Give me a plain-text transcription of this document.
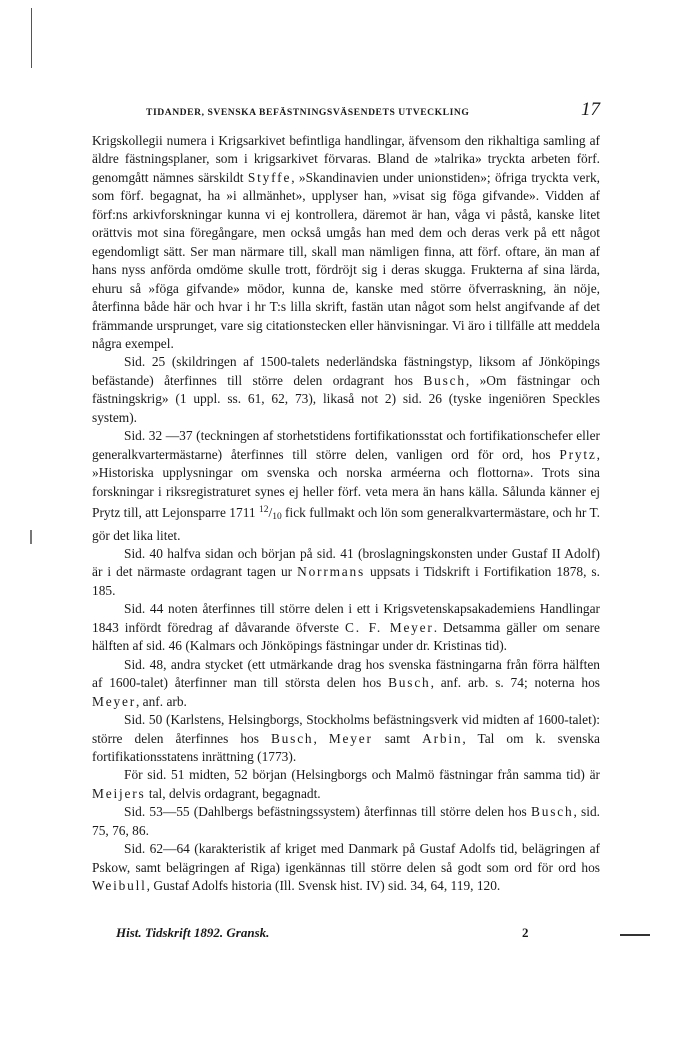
TIDANDER, SVENSKA BEFÄSTNINGSVÄSENDETS UTVECKLING	17

Krigskollegii numera i Krigsarkivet befintliga handlingar, äfvensom den rikhaltiga samling af äldre fästningsplaner, som i krigsarkivet förvaras. Bland de »talrika» tryckta arbeten förf. genomgått nämnes särskildt Styffe, »Skandinavien under unionstiden»; öfriga tryckta verk, som förf. begagnat, ha »i allmänhet», upplyser han, »visat sig föga gifvande». Vidden af förf:ns arkivforskningar kunna vi ej kontrollera, däremot är han, våga vi påstå, kanske litet orättvis mot sina föregångare, men också umgås han med dem och deras verk på ett något egendomligt sätt. Ser man närmare till, skall man nämligen finna, att förf. oftare, än man af hans nyss anförda omdöme skulle trott, fördröjt sig i deras skugga. Frukterna af sina lärda, ehuru så »föga gifvande» mödor, kunna de, kanske med större öfverraskning, än nöje, återfinna både här och hvar i hr T:s lilla skrift, fastän utan något som helst angifvande af det främmande ursprunget, vare sig citationstecken eller hänvisningar. Vi äro i tillfälle att meddela några exempel.

Sid. 25 (skildringen af 1500-talets nederländska fästningstyp, liksom af Jönköpings befästande) återfinnes till större delen ordagrant hos Busch, »Om fästningar och fästningskrig» (1 uppl. ss. 61, 62, 73), likaså not 2) sid. 26 (tyske ingeniören Speckles system).

Sid. 32 —37 (teckningen af storhetstidens fortifikationsstat och fortifikationschefer eller generalkvartermästarne) återfinnes till större delen, vanligen ord för ord, hos Prytz, »Historiska upplysningar om svenska och norska arméerna och flottorna». Trots sina forskningar i riksregistraturet synes ej heller förf. veta mera än hans källa. Sålunda känner ej Prytz till, att Lejonsparre 1711 $^{12}$/10 fick fullmakt och lön som generalkvartermästare, och hr T. gör det lika litet.

Sid. 40 halfva sidan och början på sid. 41 (broslagningskonsten under Gustaf II Adolf) är i det närmaste ordagrant tagen ur Norrmans uppsats i Tidskrift i Fortifikation 1878, s. 185.

Sid. 44 noten återfinnes till större delen i ett i Krigsvetenskapsakademiens Handlingar 1843 infördt föredrag af dåvarande öfverste C. F. Meyer. Detsamma gäller om senare hälften af sid. 46 (Kalmars och Jönköpings fästningar under dr. Kristinas tid).

Sid. 48, andra stycket (ett utmärkande drag hos svenska fästningarna från förra hälften af 1600-talet) återfinner man till största delen hos Busch, anf. arb. s. 74; noterna hos Meyer, anf. arb.

Sid. 50 (Karlstens, Helsingborgs, Stockholms befästningsverk vid midten af 1600-talet): större delen återfinnes hos Busch, Meyer samt Arbin, Tal om k. svenska fortifikationsstatens inrättning (1773).

För sid. 51 midten, 52 början (Helsingborgs och Malmö fästningar från samma tid) är Meijers tal, delvis ordagrant, begagnadt.

Sid. 53—55 (Dahlbergs befästningssystem) återfinnas till större delen hos Busch, sid. 75, 76, 86.

Sid. 62—64 (karakteristik af kriget med Danmark på Gustaf Adolfs tid, belägringen af Pskow, samt belägringen af Riga) igenkännas till större delen så godt som ord för ord hos Weibull, Gustaf Adolfs historia (Ill. Svensk hist. IV) sid. 34, 64, 119, 120.

Hist. Tidskrift 1892. Gransk.	2
